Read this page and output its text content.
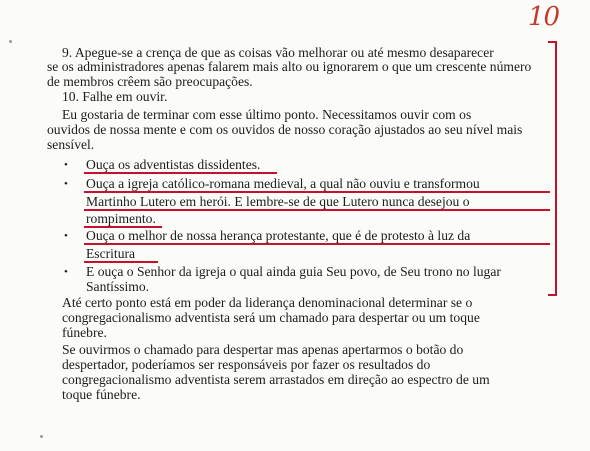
10

9. Apegue-se a crença de que as coisas vão melhorar ou até mesmo desaparecer

se os administradores apenas falarem mais alto ou ignorarem o que um crescente número

de membros crêem são preocupações.

10. Falhe em ouvir.

Eu gostaria de terminar com esse último ponto. Necessitamos ouvir com os

ouvidos de nossa mente e com os ouvidos de nosso coração ajustados ao seu nível mais

sensível.

• Ouça os adventistas dissidentes.

• Ouça a igreja católico-romana medieval, a qual não ouviu e transformou

Martinho Lutero em herói. E lembre-se de que Lutero nunca desejou o

rompimento.

• Ouça o melhor de nossa herança protestante, que é de protesto à luz da

Escritura

• E ouça o Senhor da igreja o qual ainda guia Seu povo, de Seu trono no lugar

Santíssimo.

Até certo ponto está em poder da liderança denominacional determinar se o

congregacionalismo adventista será um chamado para despertar ou um toque

fúnebre.

Se ouvirmos o chamado para despertar mas apenas apertarmos o botão do

despertador, poderíamos ser responsáveis por fazer os resultados do

congregacionalismo adventista serem arrastados em direção ao espectro de um

toque fúnebre.
